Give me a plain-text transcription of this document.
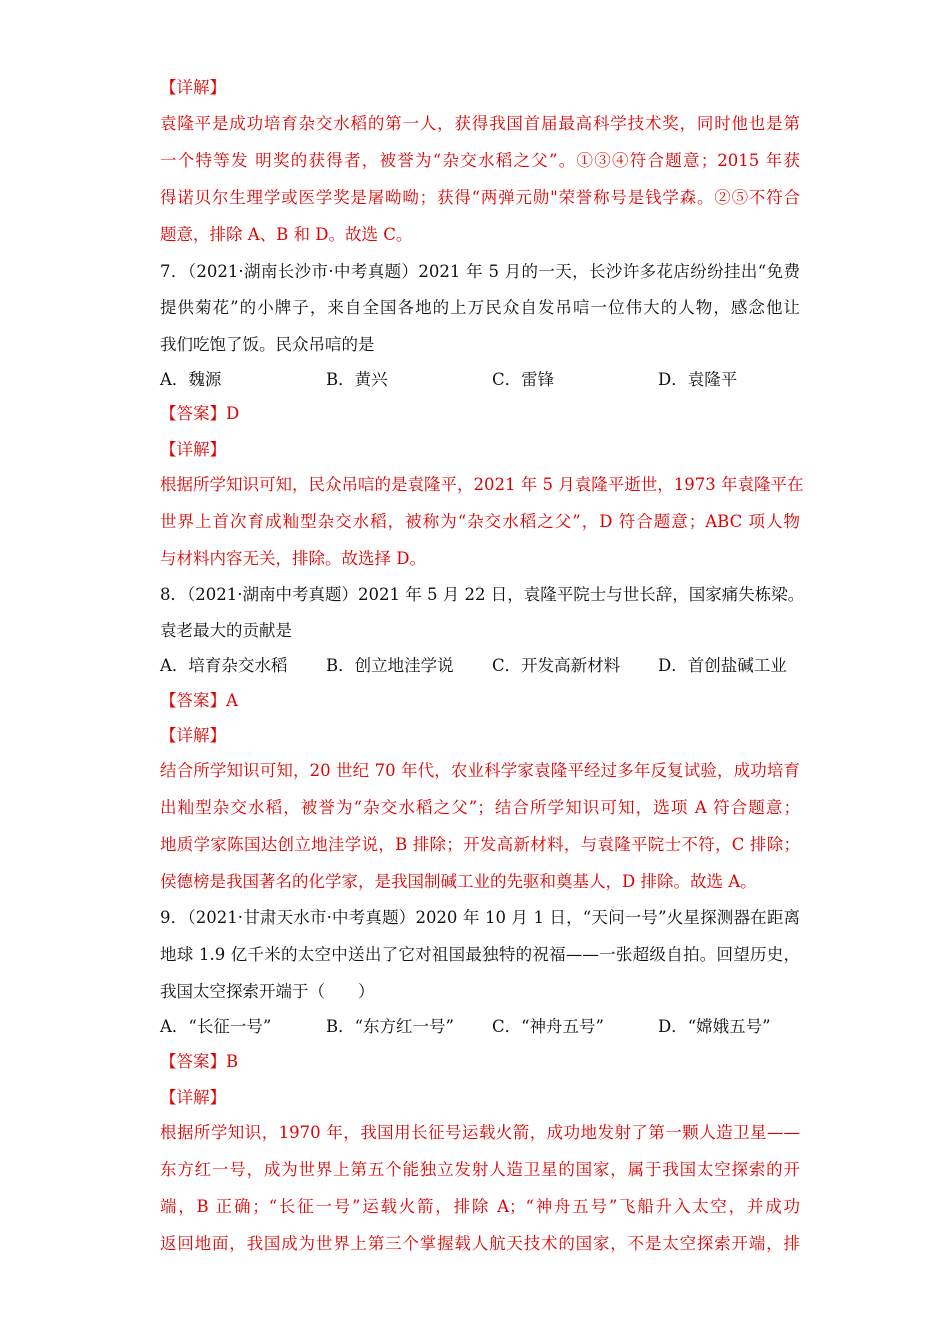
【详解】
袁隆平是成功培育杂交水稻的第一人，获得我国首届最高科学技术奖，同时他也是第
一个特等发 明奖的获得者，被誉为“杂交水稻之父”。①③④符合题意；2015 年获
得诺贝尔生理学或医学奖是屠呦呦；获得“两弹元勋"荣誉称号是钱学森。②⑤不符合
题意，排除 A、B 和 D。故选 C。
7．（2021·湖南长沙市·中考真题）2021 年 5 月的一天，长沙许多花店纷纷挂出“免费
提供菊花”的小牌子，来自全国各地的上万民众自发吊唁一位伟大的人物，感念他让
我们吃饱了饭。民众吊唁的是
A．魏源	B．黄兴	C．雷锋	D．袁隆平
【答案】D
【详解】
根据所学知识可知，民众吊唁的是袁隆平，2021 年 5 月袁隆平逝世，1973 年袁隆平在
世界上首次育成籼型杂交水稻，被称为“杂交水稻之父”，D 符合题意；ABC 项人物
与材料内容无关，排除。故选择 D。
8．（2021·湖南中考真题）2021 年 5 月 22 日，袁隆平院士与世长辞，国家痛失栋梁。
袁老最大的贡献是
A．培育杂交水稻	B．创立地洼学说	C．开发高新材料	D．首创盐碱工业
【答案】A
【详解】
结合所学知识可知，20 世纪 70 年代，农业科学家袁隆平经过多年反复试验，成功培育
出籼型杂交水稻，被誉为“杂交水稻之父”；结合所学知识可知，选项 A 符合题意；
地质学家陈国达创立地洼学说，B 排除；开发高新材料，与袁隆平院士不符，C 排除；
侯德榜是我国著名的化学家，是我国制碱工业的先驱和奠基人，D 排除。故选 A。
9．（2021·甘肃天水市·中考真题）2020 年 10 月 1 日，“天问一号”火星探测器在距离
地球 1.9 亿千米的太空中送出了它对祖国最独特的祝福——一张超级自拍。回望历史，
我国太空探索开端于（　　）
A．“长征一号”	B．“东方红一号”	C．“神舟五号”	D．“嫦娥五号”
【答案】B
【详解】
根据所学知识，1970 年，我国用长征号运载火箭，成功地发射了第一颗人造卫星——
东方红一号，成为世界上第五个能独立发射人造卫星的国家，属于我国太空探索的开
端，B 正确；“长征一号”运载火箭，排除 A；“神舟五号”飞船升入太空，并成功
返回地面，我国成为世界上第三个掌握载人航天技术的国家，不是太空探索开端，排
